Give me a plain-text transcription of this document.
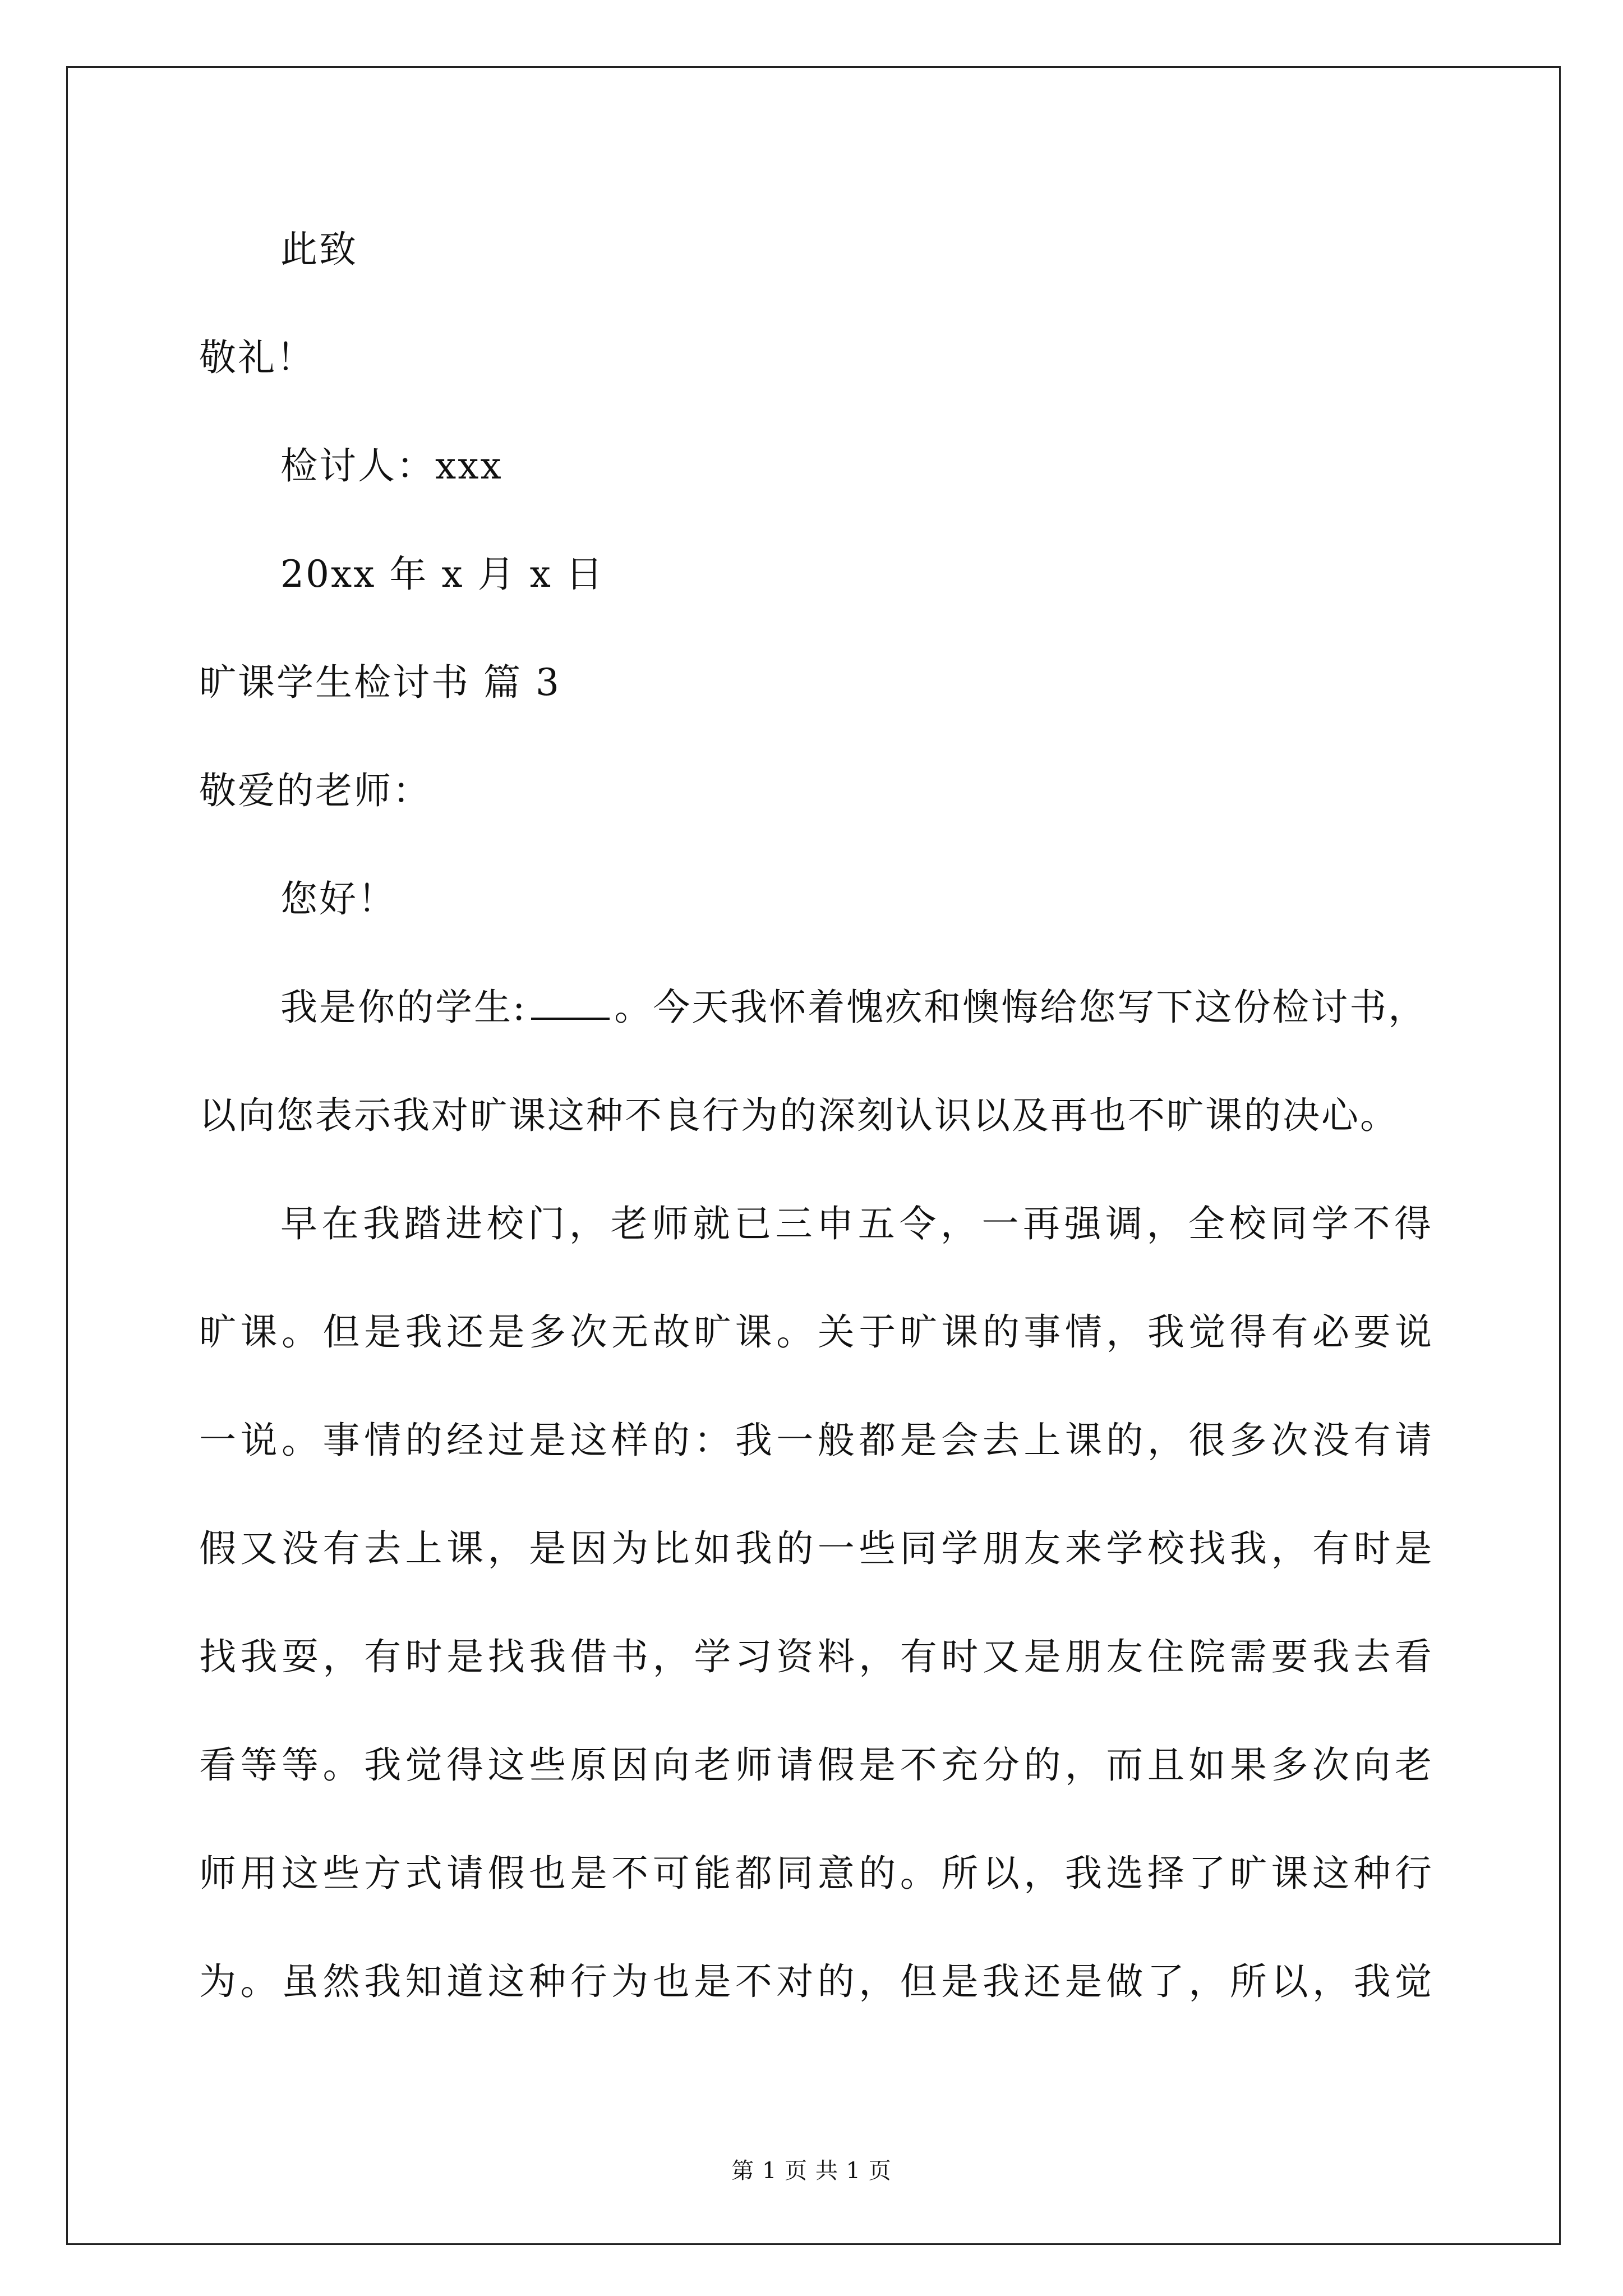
此致
敬礼！
检讨人：xxx
20xx 年 x 月 x 日
旷课学生检讨书 篇 3
敬爱的老师：
您好！
我是你的学生: 。今天我怀着愧疚和懊悔给您写下这份检讨书，
以向您表示我对旷课这种不良行为的深刻认识以及再也不旷课的决心。
早在我踏进校门，老师就已三申五令，一再强调，全校同学不得
旷课。但是我还是多次无故旷课。关于旷课的事情，我觉得有必要说
一说。事情的经过是这样的：我一般都是会去上课的，很多次没有请
假又没有去上课，是因为比如我的一些同学朋友来学校找我，有时是
找我耍，有时是找我借书，学习资料，有时又是朋友住院需要我去看
看等等。我觉得这些原因向老师请假是不充分的，而且如果多次向老
师用这些方式请假也是不可能都同意的。所以，我选择了旷课这种行
为。虽然我知道这种行为也是不对的，但是我还是做了，所以，我觉
第 1 页 共 1 页
